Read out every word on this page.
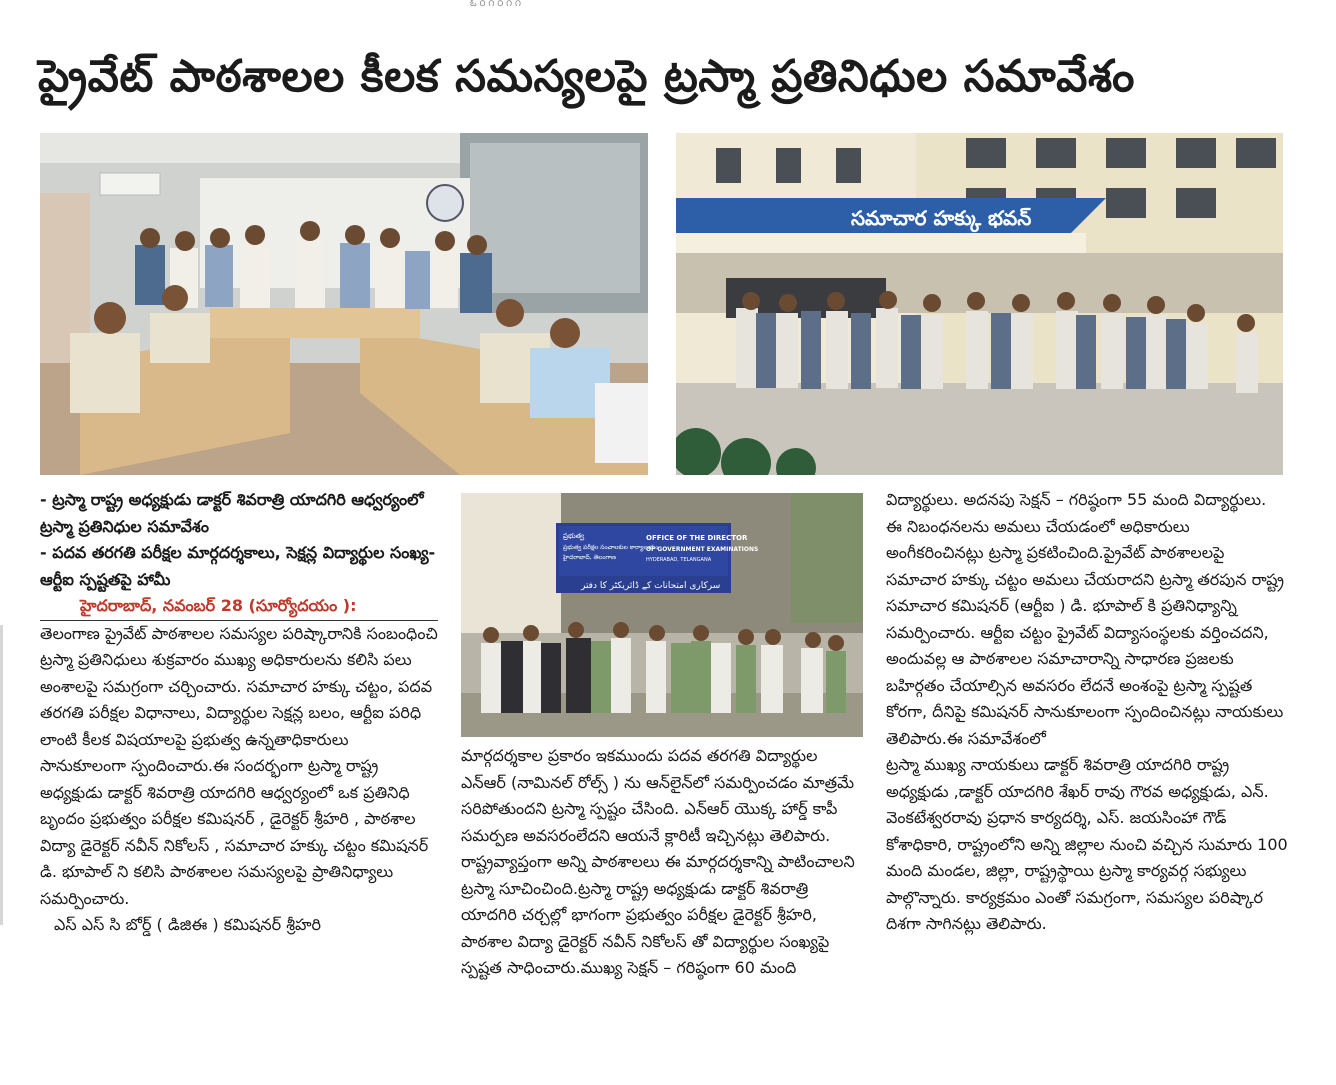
ఓ ౦ ౧ ౦ ౧ ౧
ప్రైవేట్ పాఠశాలల కీలక సమస్యలపై ట్రస్మా ప్రతినిధుల సమావేశం
సమాచార హక్కు భవన్
ప్రభుత్వ
ప్రభుత్వ పరీక్షల సంచాలకుల కార్యాలయం
హైదరాబాద్, తెలంగాణ
OFFICE OF THE DIRECTOR
OF GOVERNMENT EXAMINATIONS
HYDERABAD, TELANGANA
سرکاری امتحانات کے ڈائریکٹر کا دفتر

- ట్రస్మా రాష్ట్ర అధ్యక్షుడు డాక్టర్ శివరాత్రి యాదగిరి ఆధ్వర్యంలో ట్రస్మా ప్రతినిధుల సమావేశం

- పదవ తరగతి పరీక్షల మార్గదర్శకాలు, సెక్షన్ల విద్యార్థుల సంఖ్య- ఆర్టీఐ స్పష్టతపై హామీ

హైదరాబాద్, నవంబర్ 28 (సూర్యోదయం ):

తెలంగాణ ప్రైవేట్ పాఠశాలల సమస్యల పరిష్కారానికి సంబంధించి ట్రస్మా ప్రతినిధులు శుక్రవారం ముఖ్య అధికారులను కలిసి పలు అంశాలపై సమగ్రంగా చర్చించారు. సమాచార హక్కు చట్టం, పదవ తరగతి పరీక్షల విధానాలు, విద్యార్థుల సెక్షన్ల బలం, ఆర్టీఐ పరిధి లాంటి కీలక విషయాలపై ప్రభుత్వ ఉన్నతాధికారులు సానుకూలంగా స్పందించారు.ఈ సందర్భంగా ట్రస్మా రాష్ట్ర అధ్యక్షుడు డాక్టర్ శివరాత్రి యాదగిరి ఆధ్వర్యంలో ఒక ప్రతినిధి బృందం ప్రభుత్వం పరీక్షల కమిషనర్ , డైరెక్టర్ శ్రీహరి , పాఠశాల విద్యా డైరెక్టర్ నవీన్ నికోలస్ , సమాచార హక్కు చట్టం కమిషనర్ డి. భూపాల్ ని కలిసి పాఠశాలల సమస్యలపై ప్రాతినిధ్యాలు సమర్పించారు.

ఎస్ ఎస్ సి బోర్డ్ ( డిజిఈ ) కమిషనర్ శ్రీహరి

మార్గదర్శకాల ప్రకారం ఇకముందు పదవ తరగతి విద్యార్థుల ఎన్ఆర్ (నామినల్ రోల్స్ ) ను ఆన్‌లైన్‌లో సమర్పించడం మాత్రమే సరిపోతుందని ట్రస్మా స్పష్టం చేసింది. ఎన్ఆర్ యొక్క హార్డ్ కాపీ సమర్పణ అవసరంలేదని ఆయనే క్లారిటీ ఇచ్చినట్లు తెలిపారు. రాష్ట్రవ్యాప్తంగా అన్ని పాఠశాలలు ఈ మార్గదర్శకాన్ని పాటించాలని ట్రస్మా సూచించింది.ట్రస్మా రాష్ట్ర అధ్యక్షుడు డాక్టర్ శివరాత్రి యాదగిరి చర్చల్లో భాగంగా ప్రభుత్వం పరీక్షల డైరెక్టర్ శ్రీహరి, పాఠశాల విద్యా డైరెక్టర్ నవీన్ నికోలస్ తో విద్యార్థుల సంఖ్యపై స్పష్టత సాధించారు.ముఖ్య సెక్షన్ – గరిష్ఠంగా 60 మంది

విద్యార్థులు. అదనపు సెక్షన్ – గరిష్ఠంగా 55 మంది విద్యార్థులు.

ఈ నిబంధనలను అమలు చేయడంలో అధికారులు అంగీకరించినట్లు ట్రస్మా ప్రకటించింది.ప్రైవేట్ పాఠశాలలపై సమాచార హక్కు చట్టం అమలు చేయరాదని ట్రస్మా తరపున రాష్ట్ర సమాచార కమిషనర్ (ఆర్టీఐ ) డి. భూపాల్ కి ప్రతినిధ్యాన్ని సమర్పించారు. ఆర్టీఐ చట్టం ప్రైవేట్ విద్యాసంస్థలకు వర్తించదని, అందువల్ల ఆ పాఠశాలల సమాచారాన్ని సాధారణ ప్రజలకు బహిర్గతం చేయాల్సిన అవసరం లేదనే అంశంపై ట్రస్మా స్పష్టత కోరగా, దీనిపై కమిషనర్ సానుకూలంగా స్పందించినట్లు నాయకులు తెలిపారు.ఈ సమావేశంలో

ట్రస్మా ముఖ్య నాయకులు డాక్టర్ శివరాత్రి యాదగిరి రాష్ట్ర అధ్యక్షుడు ,డాక్టర్ యాదగిరి శేఖర్ రావు గౌరవ అధ్యక్షుడు, ఎన్. వెంకటేశ్వరరావు ప్రధాన కార్యదర్శి, ఎస్. జయసింహా గౌడ్ కోశాధికారి, రాష్ట్రంలోని అన్ని జిల్లాల నుంచి వచ్చిన సుమారు 100 మంది మండల, జిల్లా, రాష్ట్రస్థాయి ట్రస్మా కార్యవర్గ సభ్యులు పాల్గొన్నారు. కార్యక్రమం ఎంతో సమగ్రంగా, సమస్యల పరిష్కార దిశగా సాగినట్లు తెలిపారు.
